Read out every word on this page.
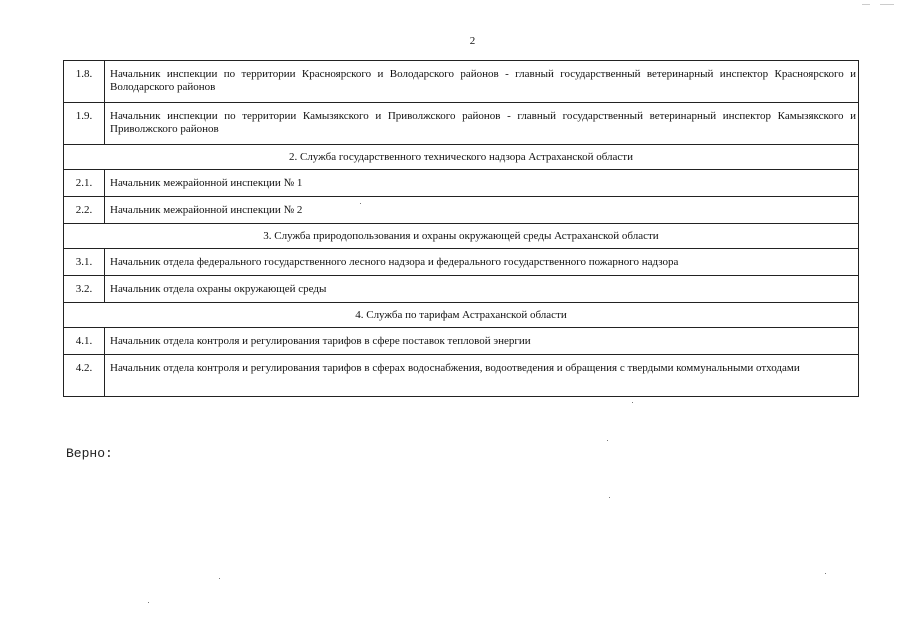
2
1.8.	Начальник инспекции по территории Красноярского и Володарского районов - главный государственный ветеринарный инспектор Красноярского и Володарского районов
1.9.	Начальник инспекции по территории Камызякского и Приволжского районов - главный государственный ветеринарный инспектор Камызякского и Приволжского районов
2. Служба государственного технического надзора Астраханской области	
2.1.	Начальник межрайонной инспекции № 1
2.2.	Начальник межрайонной инспекции № 2
3. Служба природопользования и охраны окружающей среды Астраханской области	
3.1.	Начальник отдела федерального государственного лесного надзора и федерального государственного пожарного надзора
3.2.	Начальник отдела охраны окружающей среды
4. Служба по тарифам Астраханской области	
4.1.	Начальник отдела контроля и регулирования тарифов в сфере поставок тепловой энергии
4.2.	Начальник отдела контроля и регулирования тарифов в сферах водоснабжения, водоотведения и обращения с твердыми коммунальными отходами
Верно:
